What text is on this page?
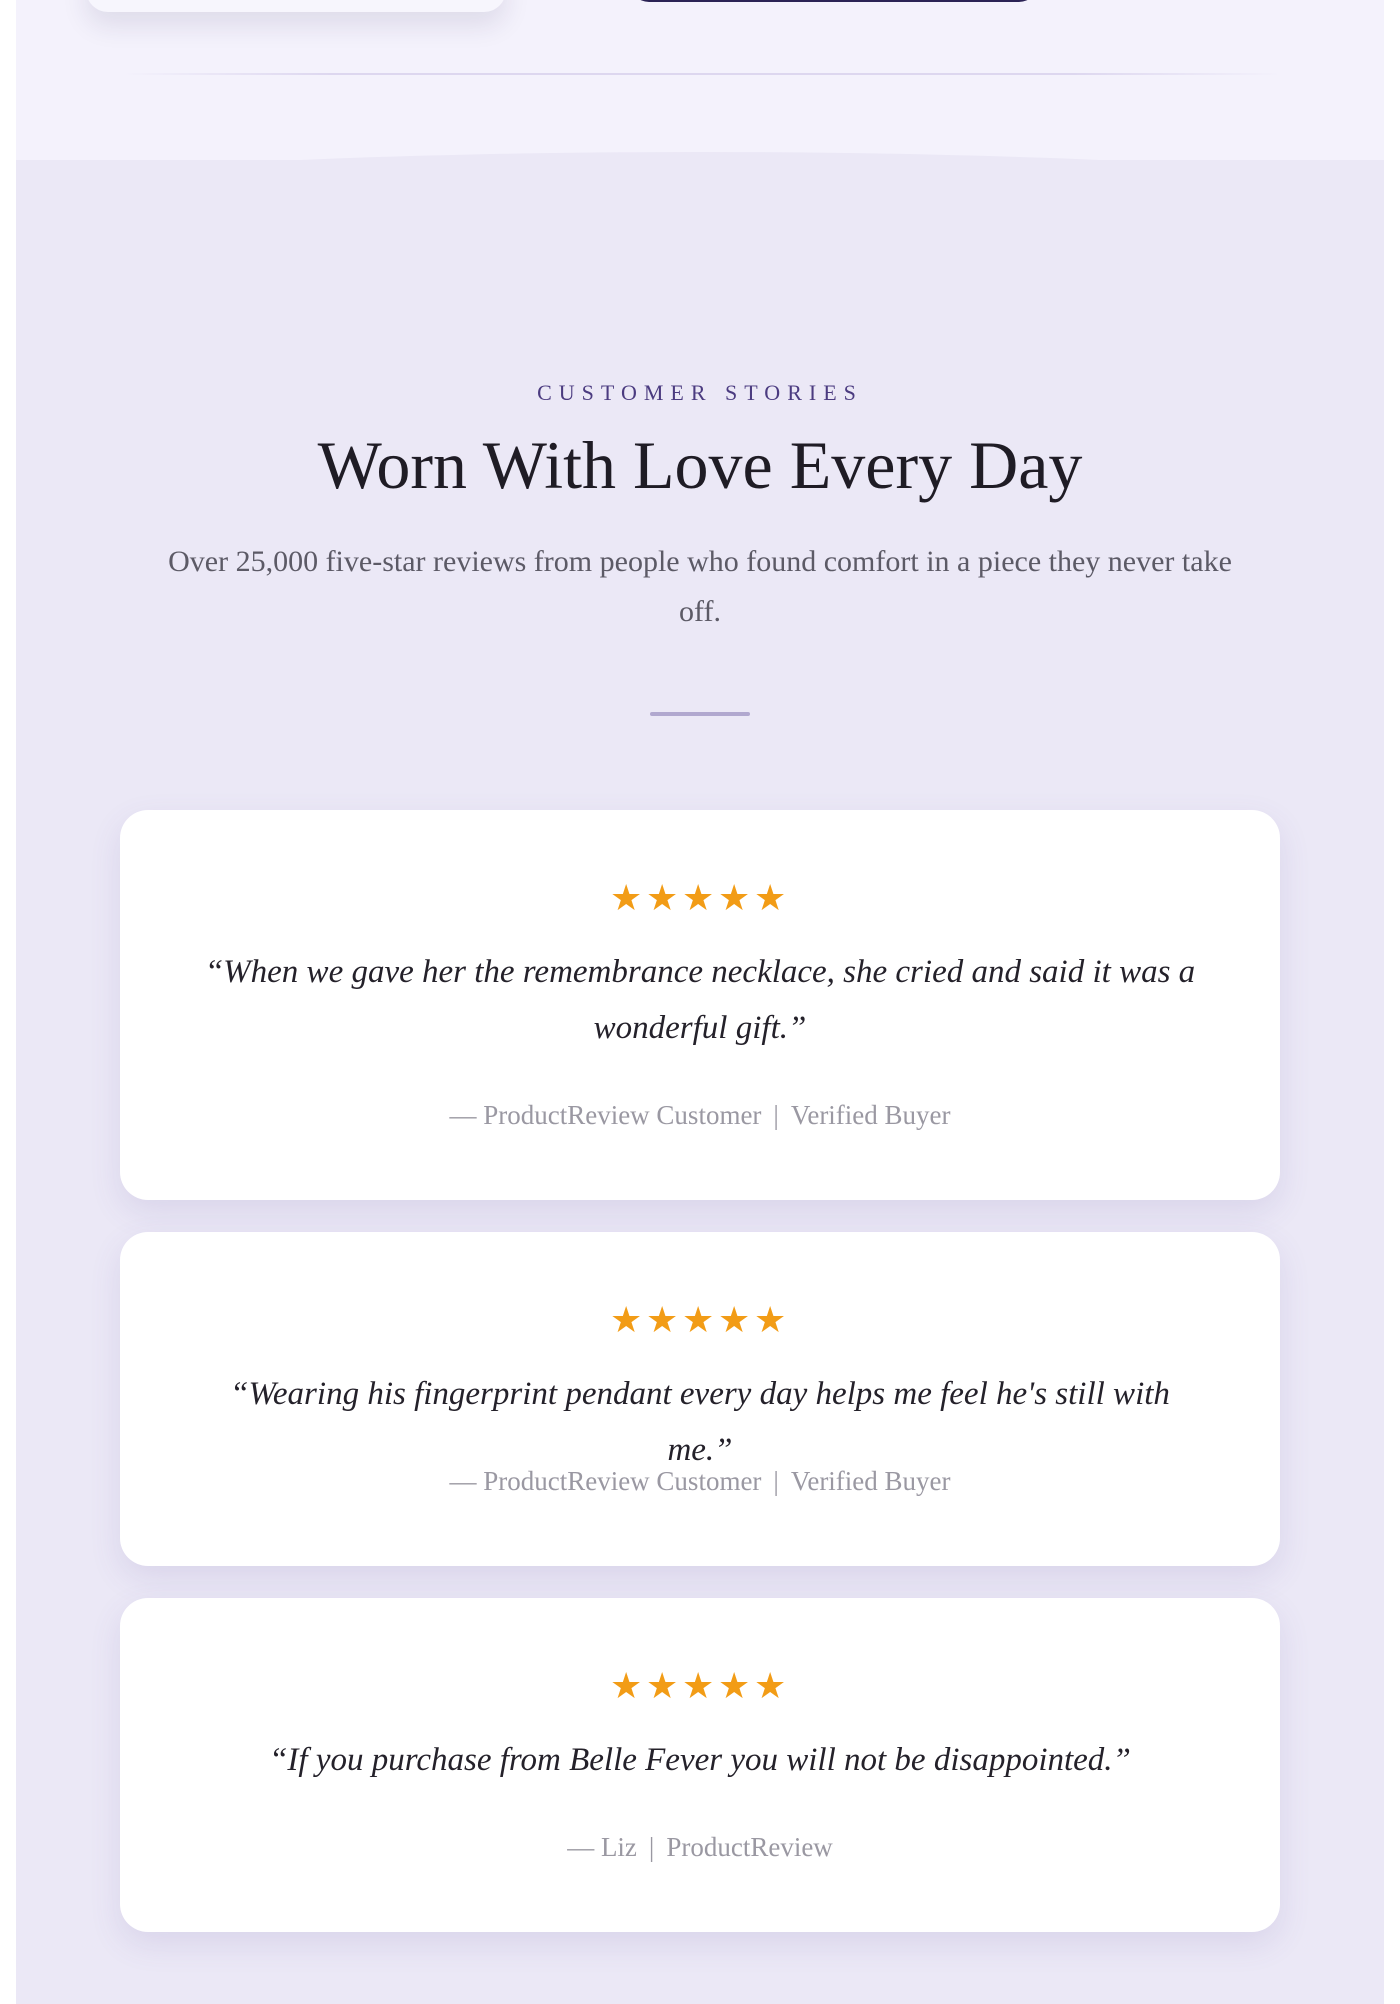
CUSTOMER STORIES
Worn With Love Every Day
Over 25,000 five-star reviews from people who found comfort in a piece they never take off.
★★★★★
“When we gave her the remembrance necklace, she cried and said it was a wonderful gift.”
— ProductReview Customer | Verified Buyer
★★★★★
“Wearing his fingerprint pendant every day helps me feel he's still with me.”
— ProductReview Customer | Verified Buyer
★★★★★
“If you purchase from Belle Fever you will not be disappointed.”
— Liz | ProductReview
